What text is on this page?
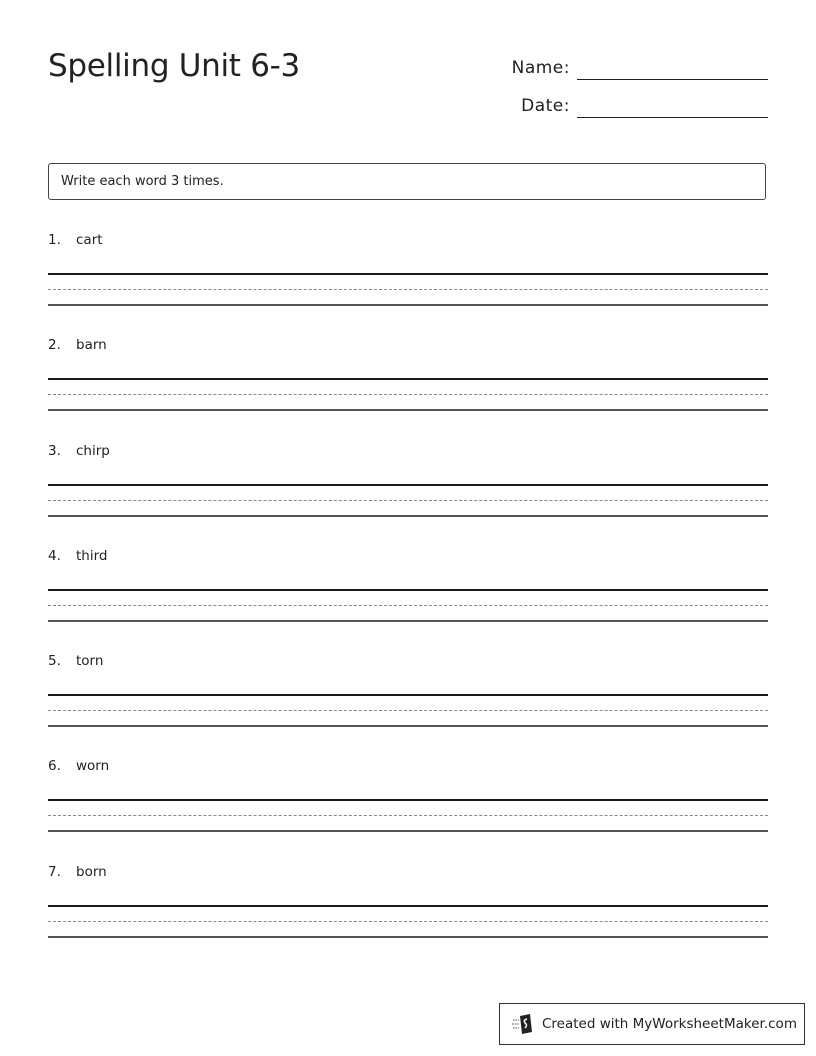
Spelling Unit 6-3	Name:
Date:
Write each word 3 times.
1. cart
2. barn
3. chirp
4. third
5. torn
6. worn
7. born
Created with MyWorksheetMaker.com
